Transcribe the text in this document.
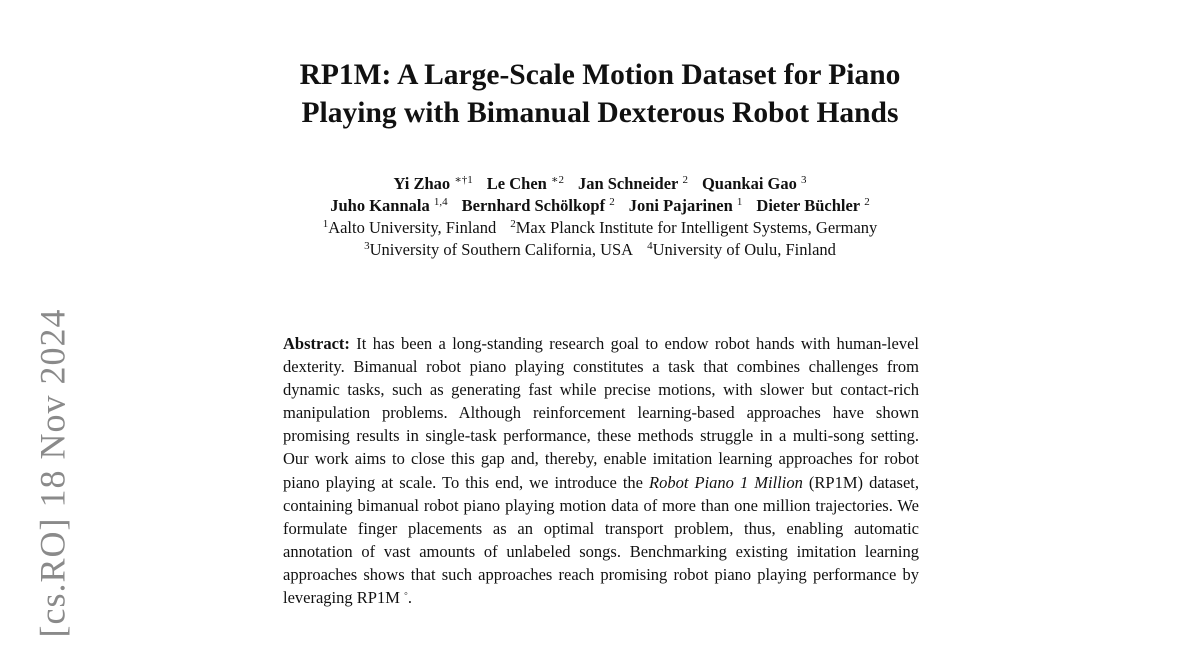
[cs.RO] 18 Nov 2024
RP1M: A Large-Scale Motion Dataset for Piano
Playing with Bimanual Dexterous Robot Hands
Yi Zhao $^{∗\dagger 1}$ Le Chen $^{∗2}$ Jan Schneider $^2$ Quankai Gao $^3$
Juho Kannala $^{1,4}$ Bernhard Schölkopf $^2$ Joni Pajarinen $^1$ Dieter Büchler $^2$
$^1$Aalto University, Finland $^2$Max Planck Institute for Intelligent Systems, Germany
$^3$University of Southern California, USA $^4$University of Oulu, Finland
Abstract: It has been a long-standing research goal to endow robot hands with human-level dexterity. Bimanual robot piano playing constitutes a task that combines challenges from dynamic tasks, such as generating fast while precise motions, with slower but contact-rich manipulation problems. Although reinforcement learning-based approaches have shown promising results in single-task performance, these methods struggle in a multi-song setting. Our work aims to close this gap and, thereby, enable imitation learning approaches for robot piano playing at scale. To this end, we introduce the Robot Piano 1 Million (RP1M) dataset, containing bimanual robot piano playing motion data of more than one million trajectories. We formulate finger placements as an optimal transport problem, thus, enabling automatic annotation of vast amounts of unlabeled songs. Benchmarking existing imitation learning approaches shows that such approaches reach promising robot piano playing performance by leveraging RP1M ◦.
